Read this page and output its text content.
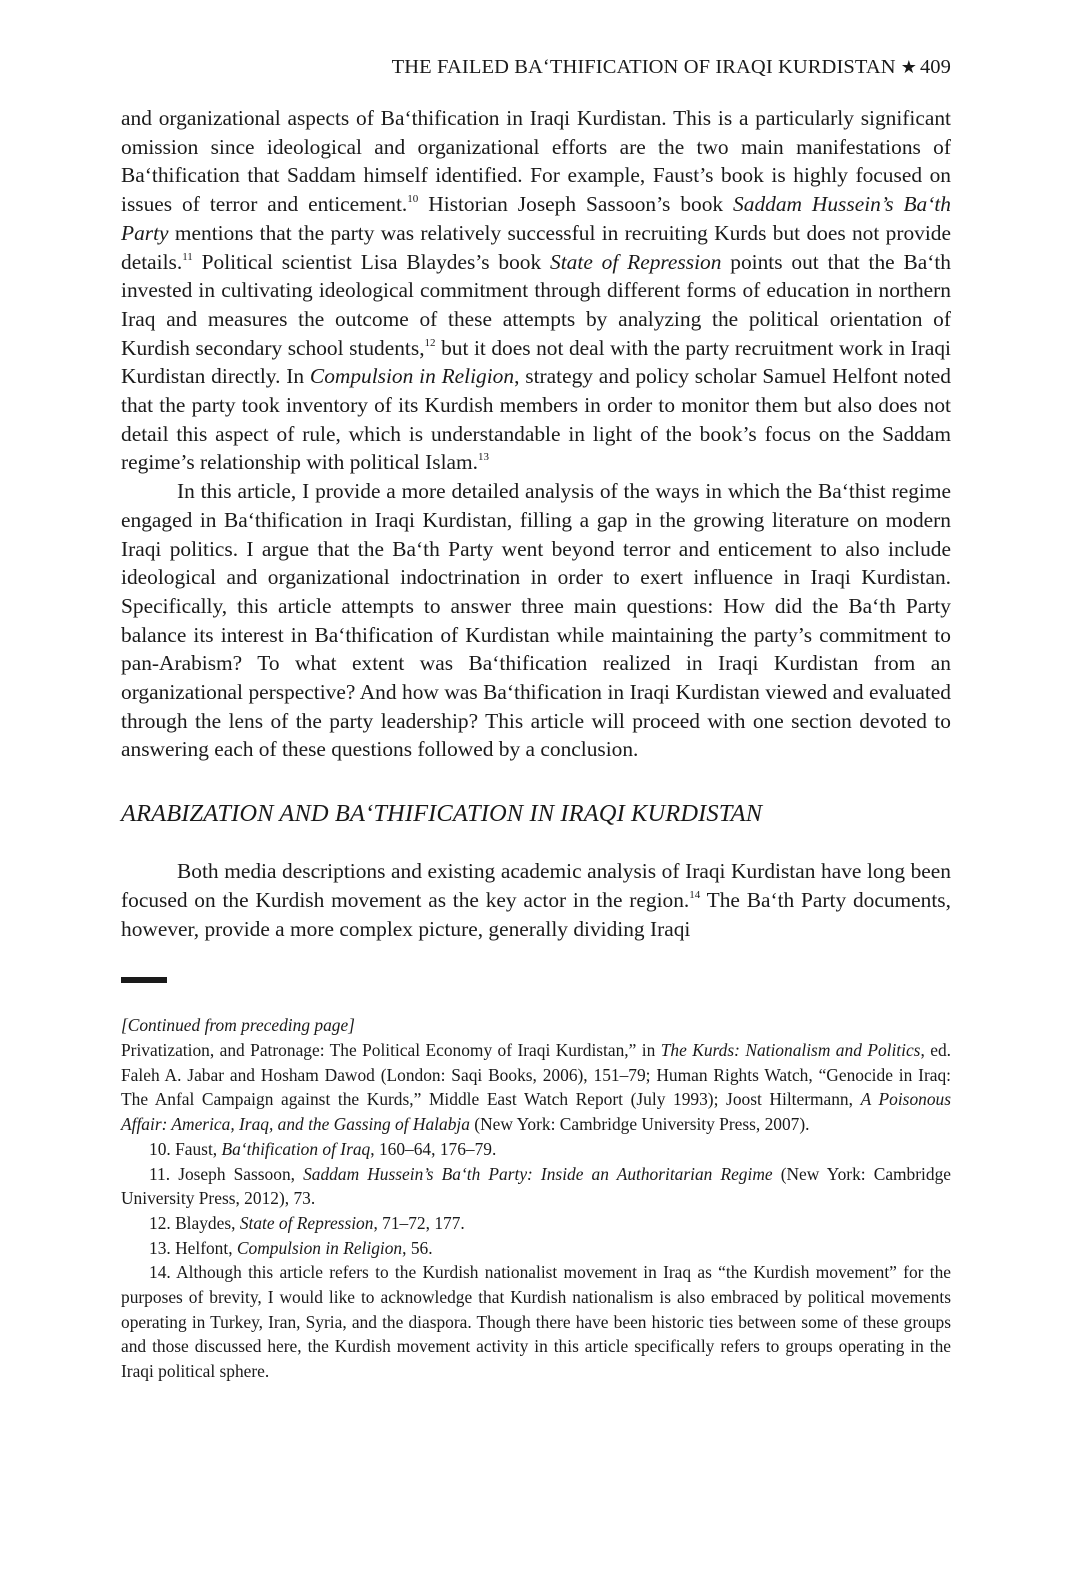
THE FAILED BA‘THIFICATION OF IRAQI KURDISTAN ★ 409

and organizational aspects of Ba‘thification in Iraqi Kurdistan. This is a particularly significant omission since ideological and organizational efforts are the two main manifestations of Ba‘thification that Saddam himself identified. For example, Faust’s book is highly focused on issues of terror and enticement.$^{10}$ Historian Joseph Sassoon’s book Saddam Hussein’s Ba‘th Party mentions that the party was relatively successful in recruiting Kurds but does not provide details.$^{11}$ Political scientist Lisa Blaydes’s book State of Repression points out that the Ba‘th invested in cultivating ideological commitment through different forms of education in northern Iraq and measures the outcome of these attempts by analyzing the political orientation of Kurdish secondary school students,$^{12}$ but it does not deal with the party recruitment work in Iraqi Kurdistan directly. In Compulsion in Religion, strategy and policy scholar Samuel Helfont noted that the party took inventory of its Kurdish members in order to monitor them but also does not detail this aspect of rule, which is understandable in light of the book’s focus on the Saddam regime’s relationship with political Islam.$^{13}$

In this article, I provide a more detailed analysis of the ways in which the Ba‘thist regime engaged in Ba‘thification in Iraqi Kurdistan, filling a gap in the growing literature on modern Iraqi politics. I argue that the Ba‘th Party went beyond terror and enticement to also include ideological and organizational indoctrination in order to exert influence in Iraqi Kurdistan. Specifically, this article attempts to answer three main questions: How did the Ba‘th Party balance its interest in Ba‘thification of Kurdistan while maintaining the party’s commitment to pan-Arabism? To what extent was Ba‘thification realized in Iraqi Kurdistan from an organizational perspective? And how was Ba‘thification in Iraqi Kurdistan viewed and evaluated through the lens of the party leadership? This article will proceed with one section devoted to answering each of these questions followed by a conclusion.

ARABIZATION AND BA‘THIFICATION IN IRAQI KURDISTAN

Both media descriptions and existing academic analysis of Iraqi Kurdistan have long been focused on the Kurdish movement as the key actor in the region.$^{14}$ The Ba‘th Party documents, however, provide a more complex picture, generally dividing Iraqi

[Continued from preceding page]

Privatization, and Patronage: The Political Economy of Iraqi Kurdistan,” in The Kurds: Nationalism and Politics, ed. Faleh A. Jabar and Hosham Dawod (London: Saqi Books, 2006), 151–79; Human Rights Watch, “Genocide in Iraq: The Anfal Campaign against the Kurds,” Middle East Watch Report (July 1993); Joost Hiltermann, A Poisonous Affair: America, Iraq, and the Gassing of Halabja (New York: Cambridge University Press, 2007).

10. Faust, Ba‘thification of Iraq, 160–64, 176–79.

11. Joseph Sassoon, Saddam Hussein’s Ba‘th Party: Inside an Authoritarian Regime (New York: Cambridge University Press, 2012), 73.

12. Blaydes, State of Repression, 71–72, 177.

13. Helfont, Compulsion in Religion, 56.

14. Although this article refers to the Kurdish nationalist movement in Iraq as “the Kurdish movement” for the purposes of brevity, I would like to acknowledge that Kurdish nationalism is also embraced by political movements operating in Turkey, Iran, Syria, and the diaspora. Though there have been historic ties between some of these groups and those discussed here, the Kurdish movement activity in this article specifically refers to groups operating in the Iraqi political sphere.
